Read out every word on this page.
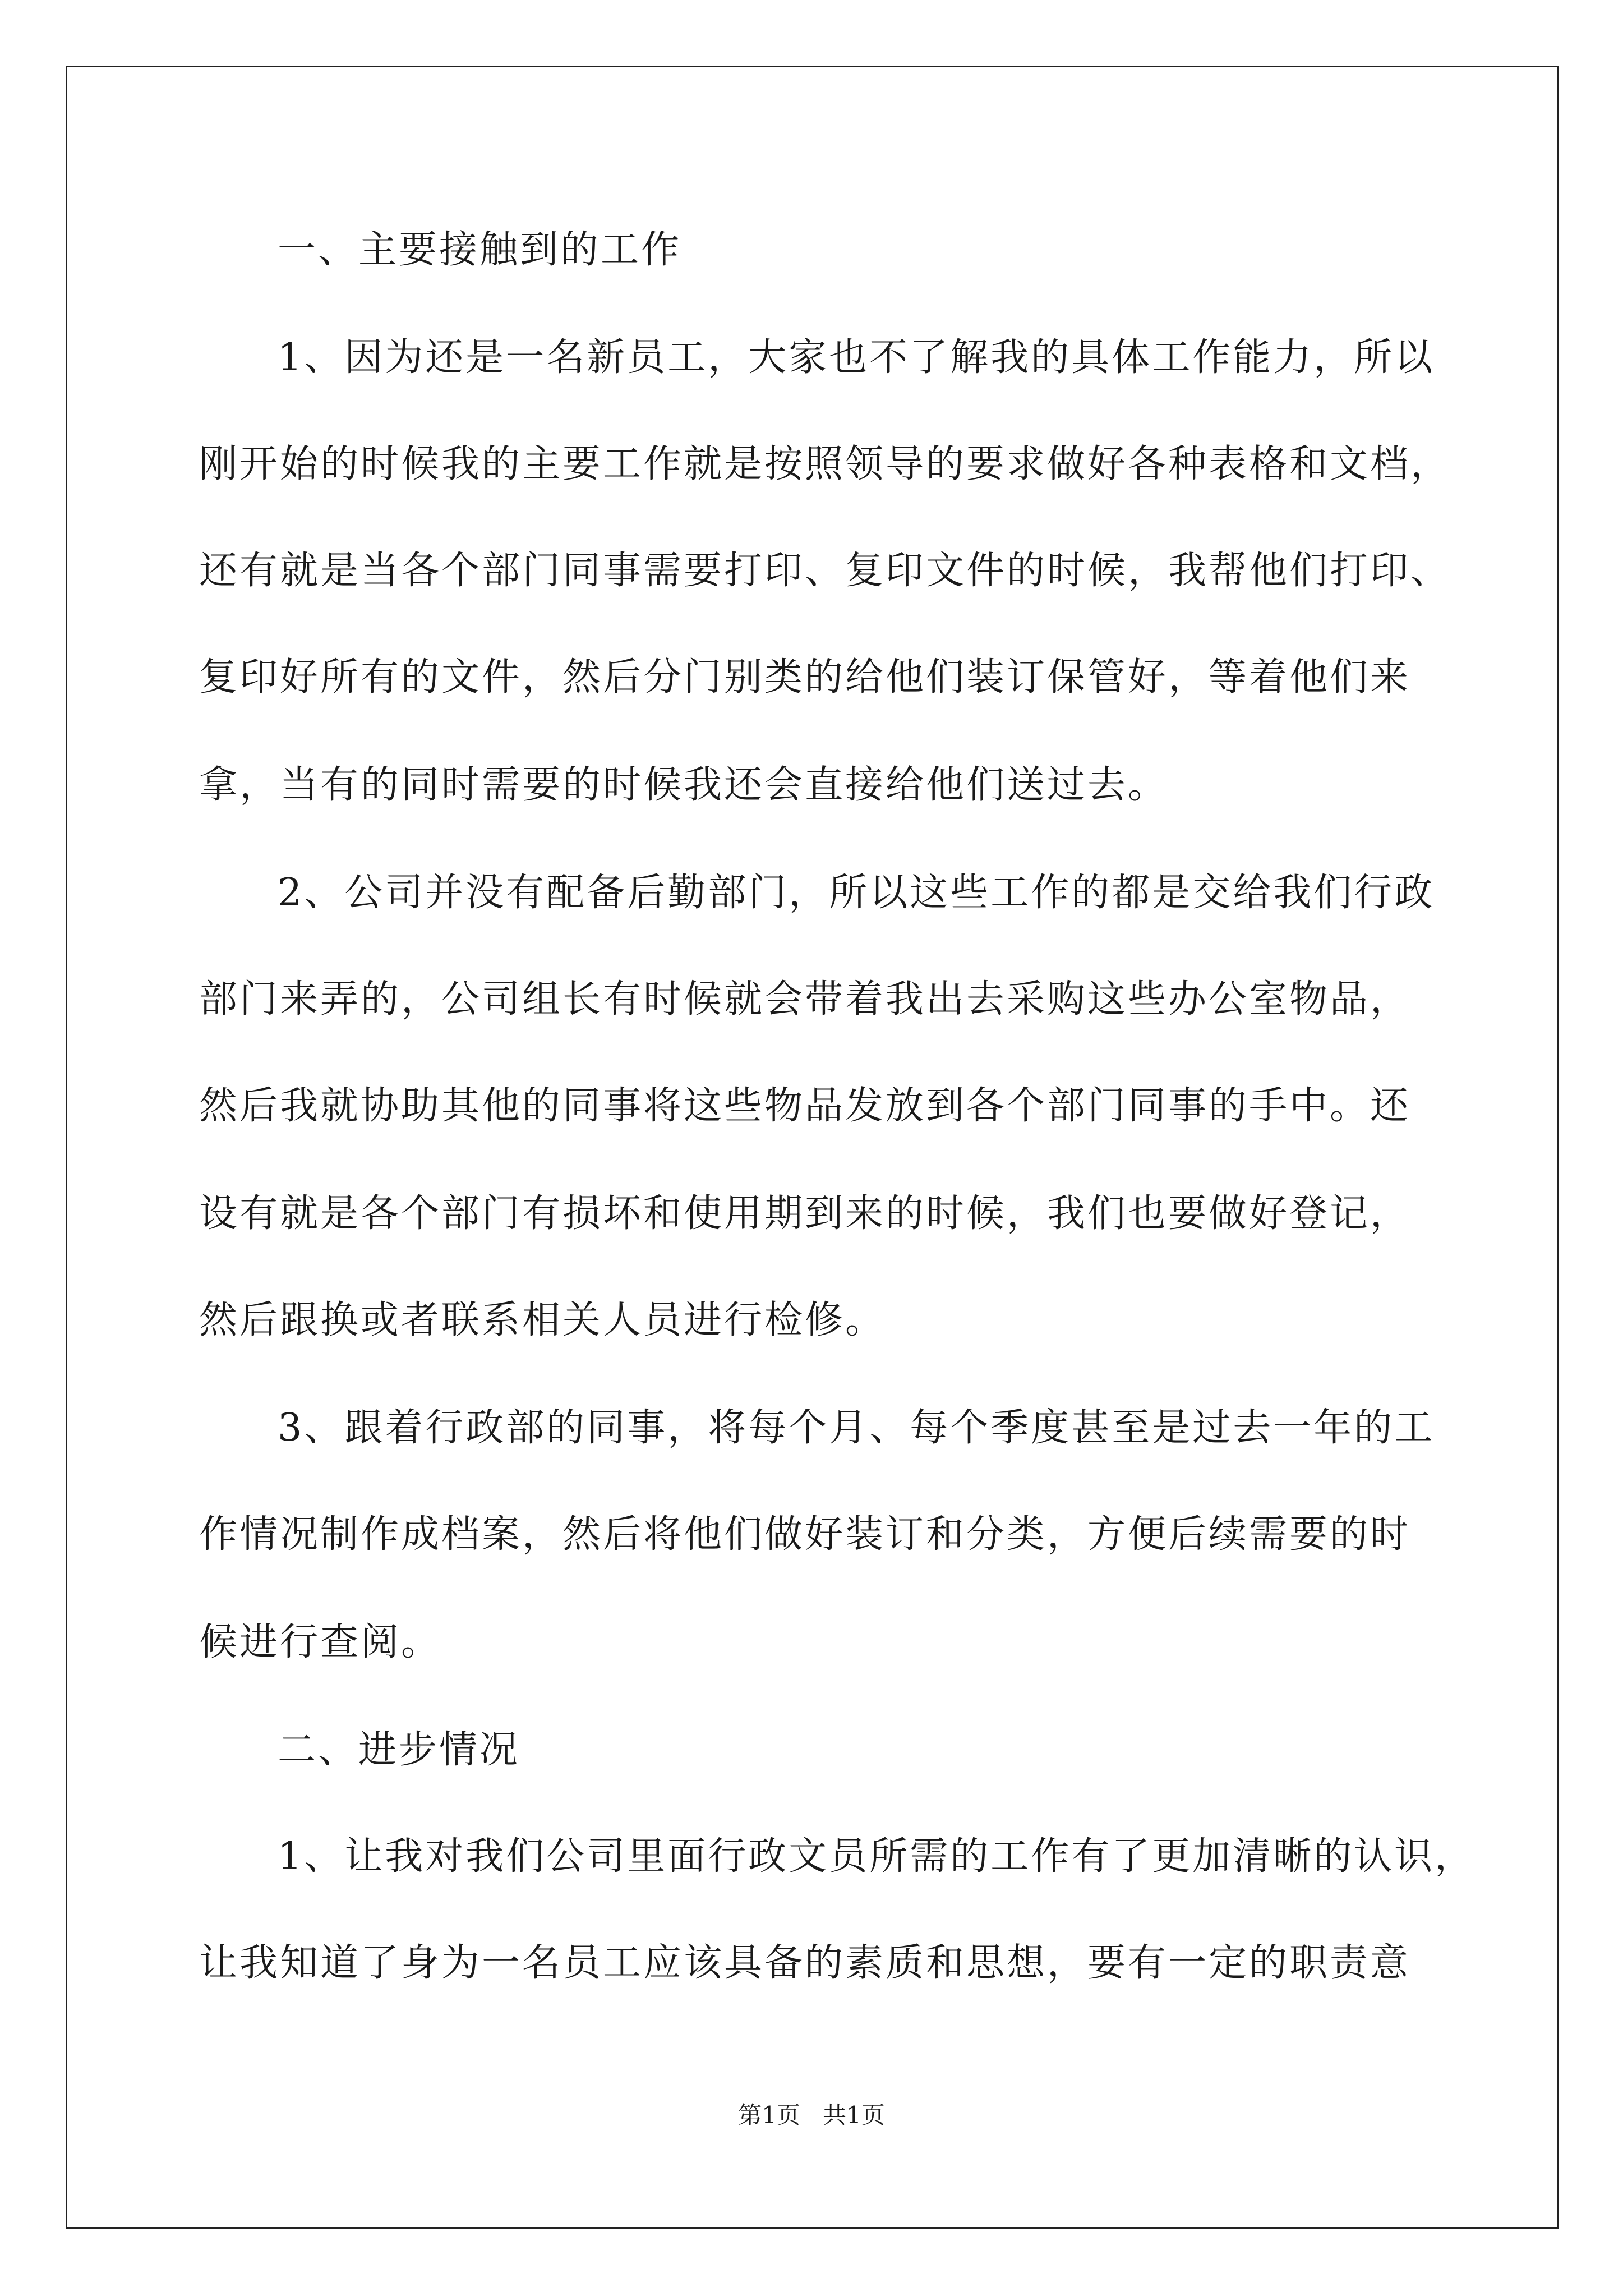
一、主要接触到的工作
1、因为还是一名新员工，大家也不了解我的具体工作能力，所以
刚开始的时候我的主要工作就是按照领导的要求做好各种表格和文档，
还有就是当各个部门同事需要打印、复印文件的时候，我帮他们打印、
复印好所有的文件，然后分门别类的给他们装订保管好，等着他们来
拿，当有的同时需要的时候我还会直接给他们送过去。
2、公司并没有配备后勤部门，所以这些工作的都是交给我们行政
部门来弄的，公司组长有时候就会带着我出去采购这些办公室物品，
然后我就协助其他的同事将这些物品发放到各个部门同事的手中。还
设有就是各个部门有损坏和使用期到来的时候，我们也要做好登记，
然后跟换或者联系相关人员进行检修。
3、跟着行政部的同事，将每个月、每个季度甚至是过去一年的工
作情况制作成档案，然后将他们做好装订和分类，方便后续需要的时
候进行查阅。
二、进步情况
1、让我对我们公司里面行政文员所需的工作有了更加清晰的认识，
让我知道了身为一名员工应该具备的素质和思想，要有一定的职责意
第1页   共1页
